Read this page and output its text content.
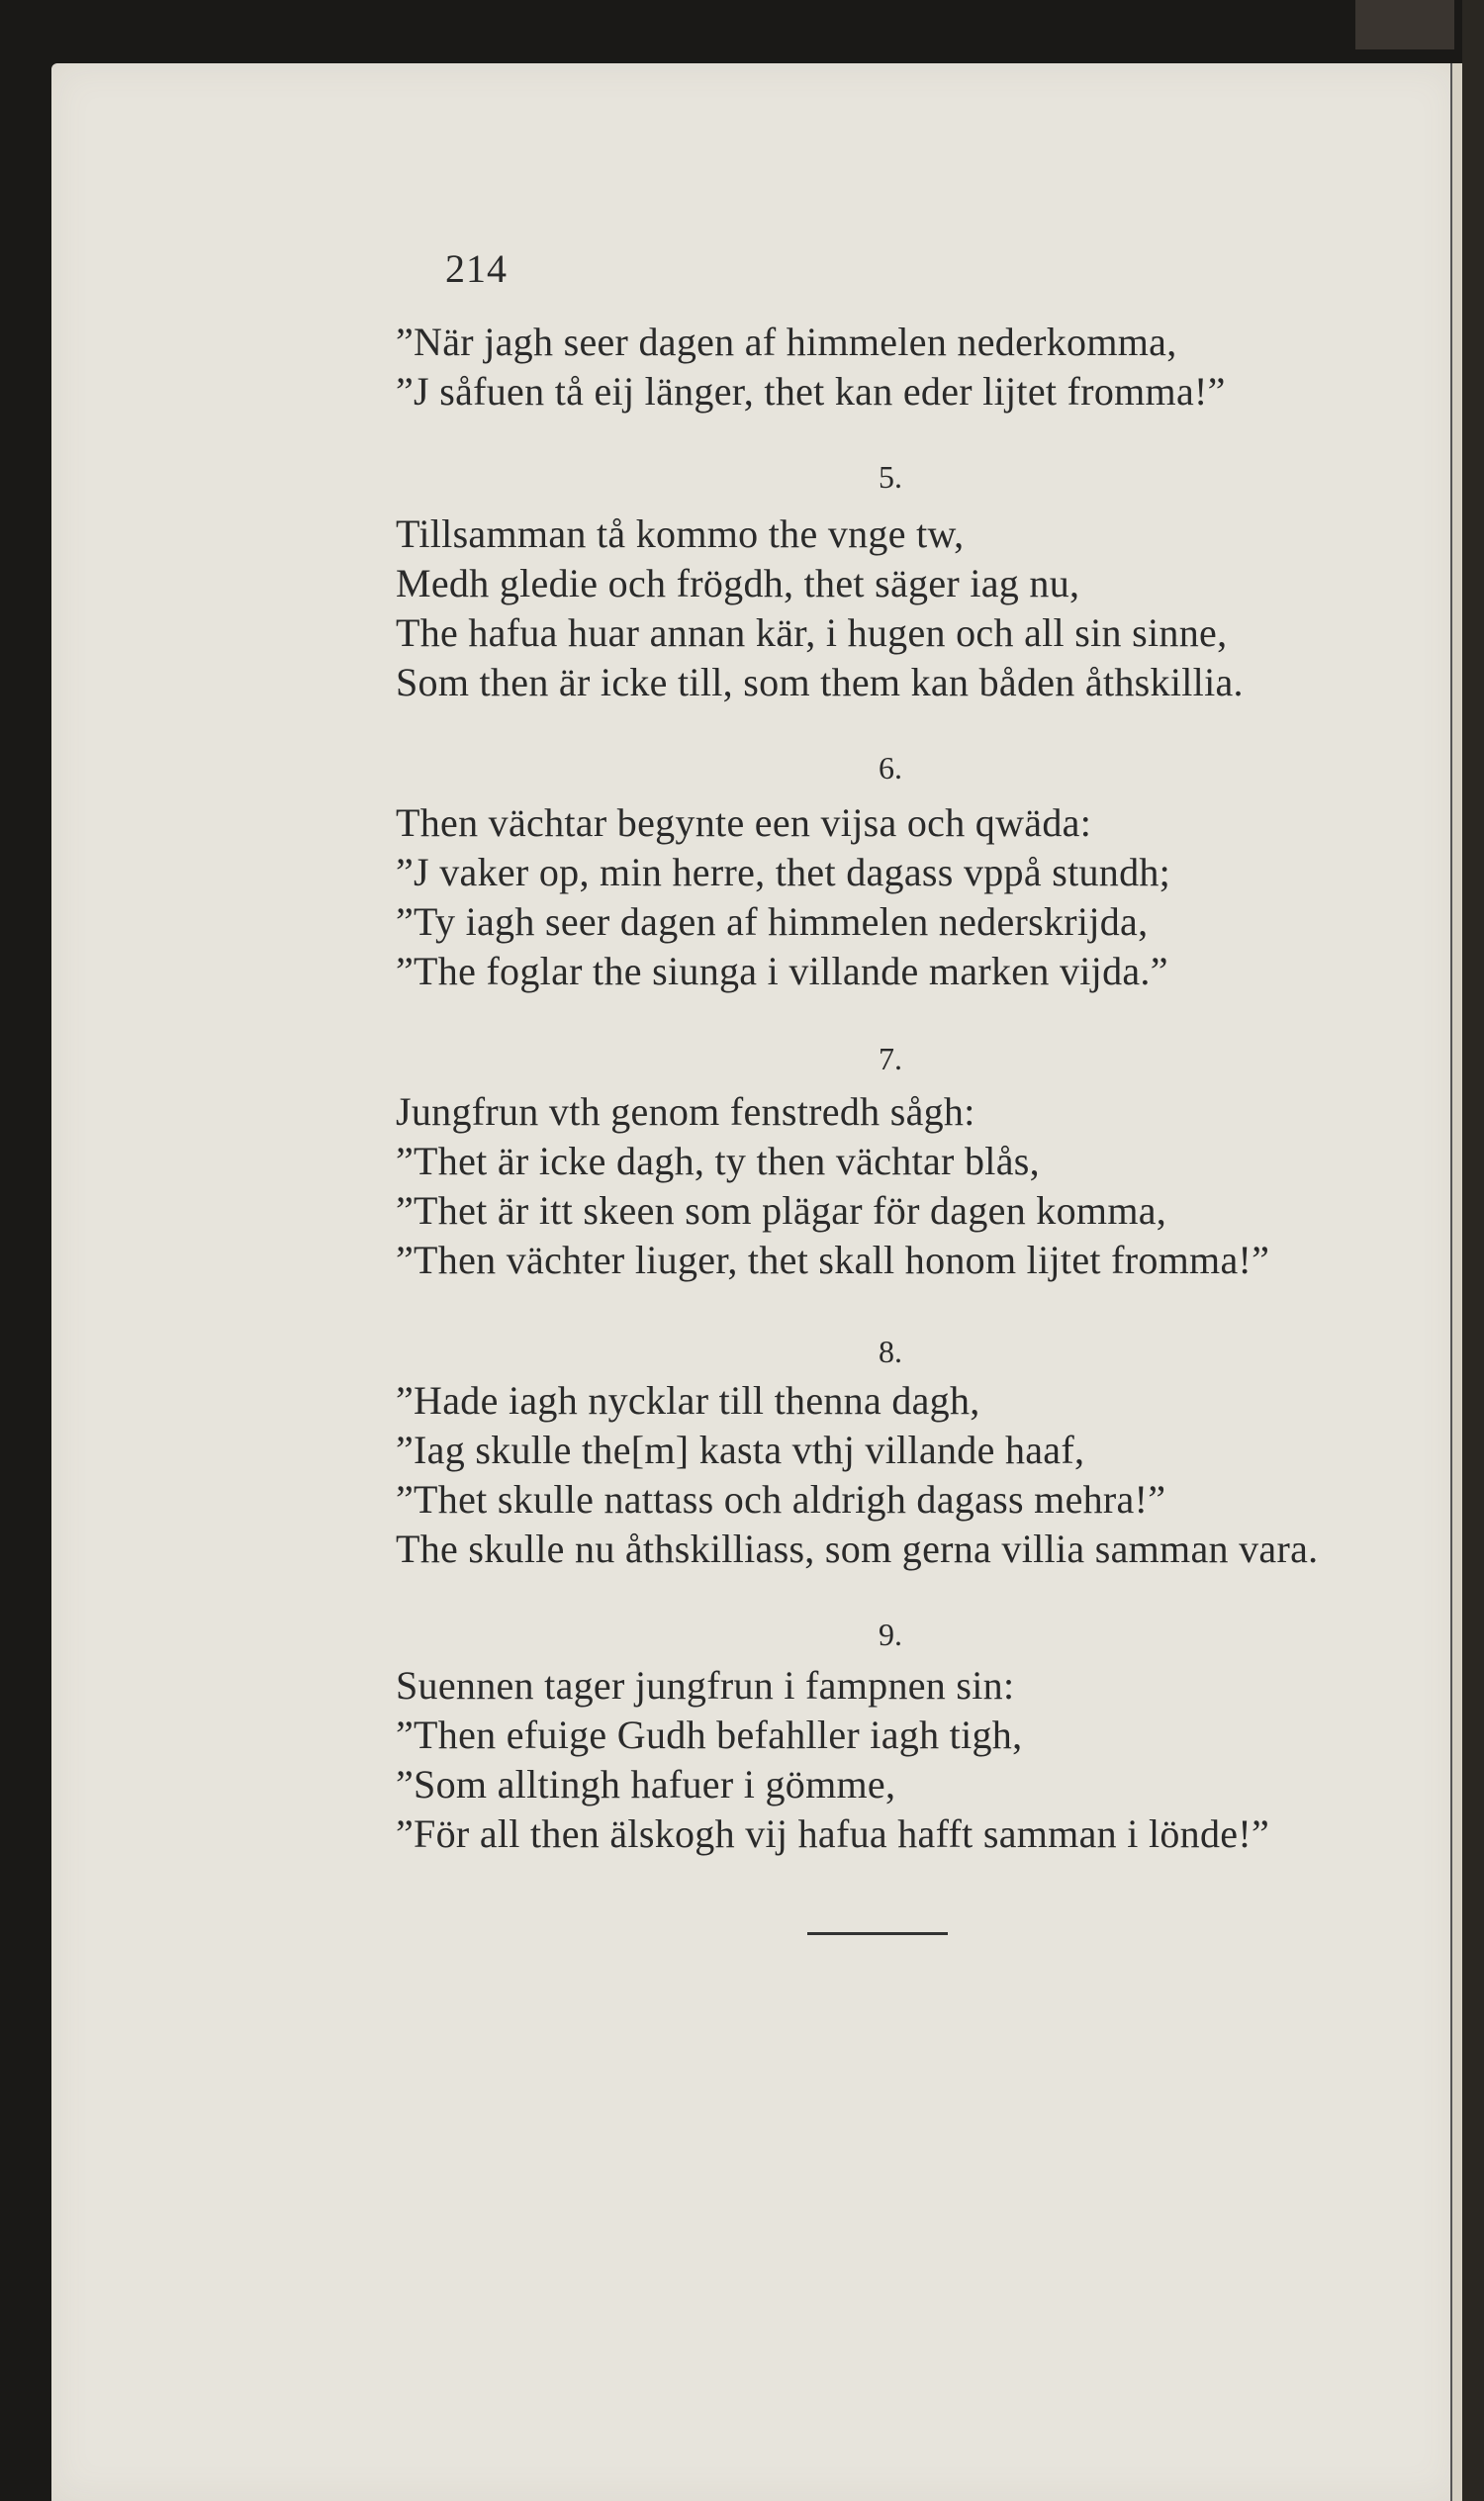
214
”När jagh seer dagen af himmelen nederkomma,
”J såfuen tå eij länger, thet kan eder lijtet fromma!”
5.
Tillsamman tå kommo the vnge tw,
Medh gledie och frögdh, thet säger iag nu,
The hafua huar annan kär, i hugen och all sin sinne,
Som then är icke till, som them kan båden åthskillia.
6.
Then vächtar begynte een vijsa och qwäda:
”J vaker op, min herre, thet dagass vppå stundh;
”Ty iagh seer dagen af himmelen nederskrijda,
”The foglar the siunga i villande marken vijda.”
7.
Jungfrun vth genom fenstredh sågh:
”Thet är icke dagh, ty then vächtar blås,
”Thet är itt skeen som plägar för dagen komma,
”Then vächter liuger, thet skall honom lijtet fromma!”
8.
”Hade iagh nycklar till thenna dagh,
”Iag skulle the[m] kasta vthj villande haaf,
”Thet skulle nattass och aldrigh dagass mehra!”
The skulle nu åthskilliass, som gerna villia samman vara.
9.
Suennen tager jungfrun i fampnen sin:
”Then efuige Gudh befahller iagh tigh,
”Som alltingh hafuer i gömme,
”För all then älskogh vij hafua hafft samman i lönde!”
